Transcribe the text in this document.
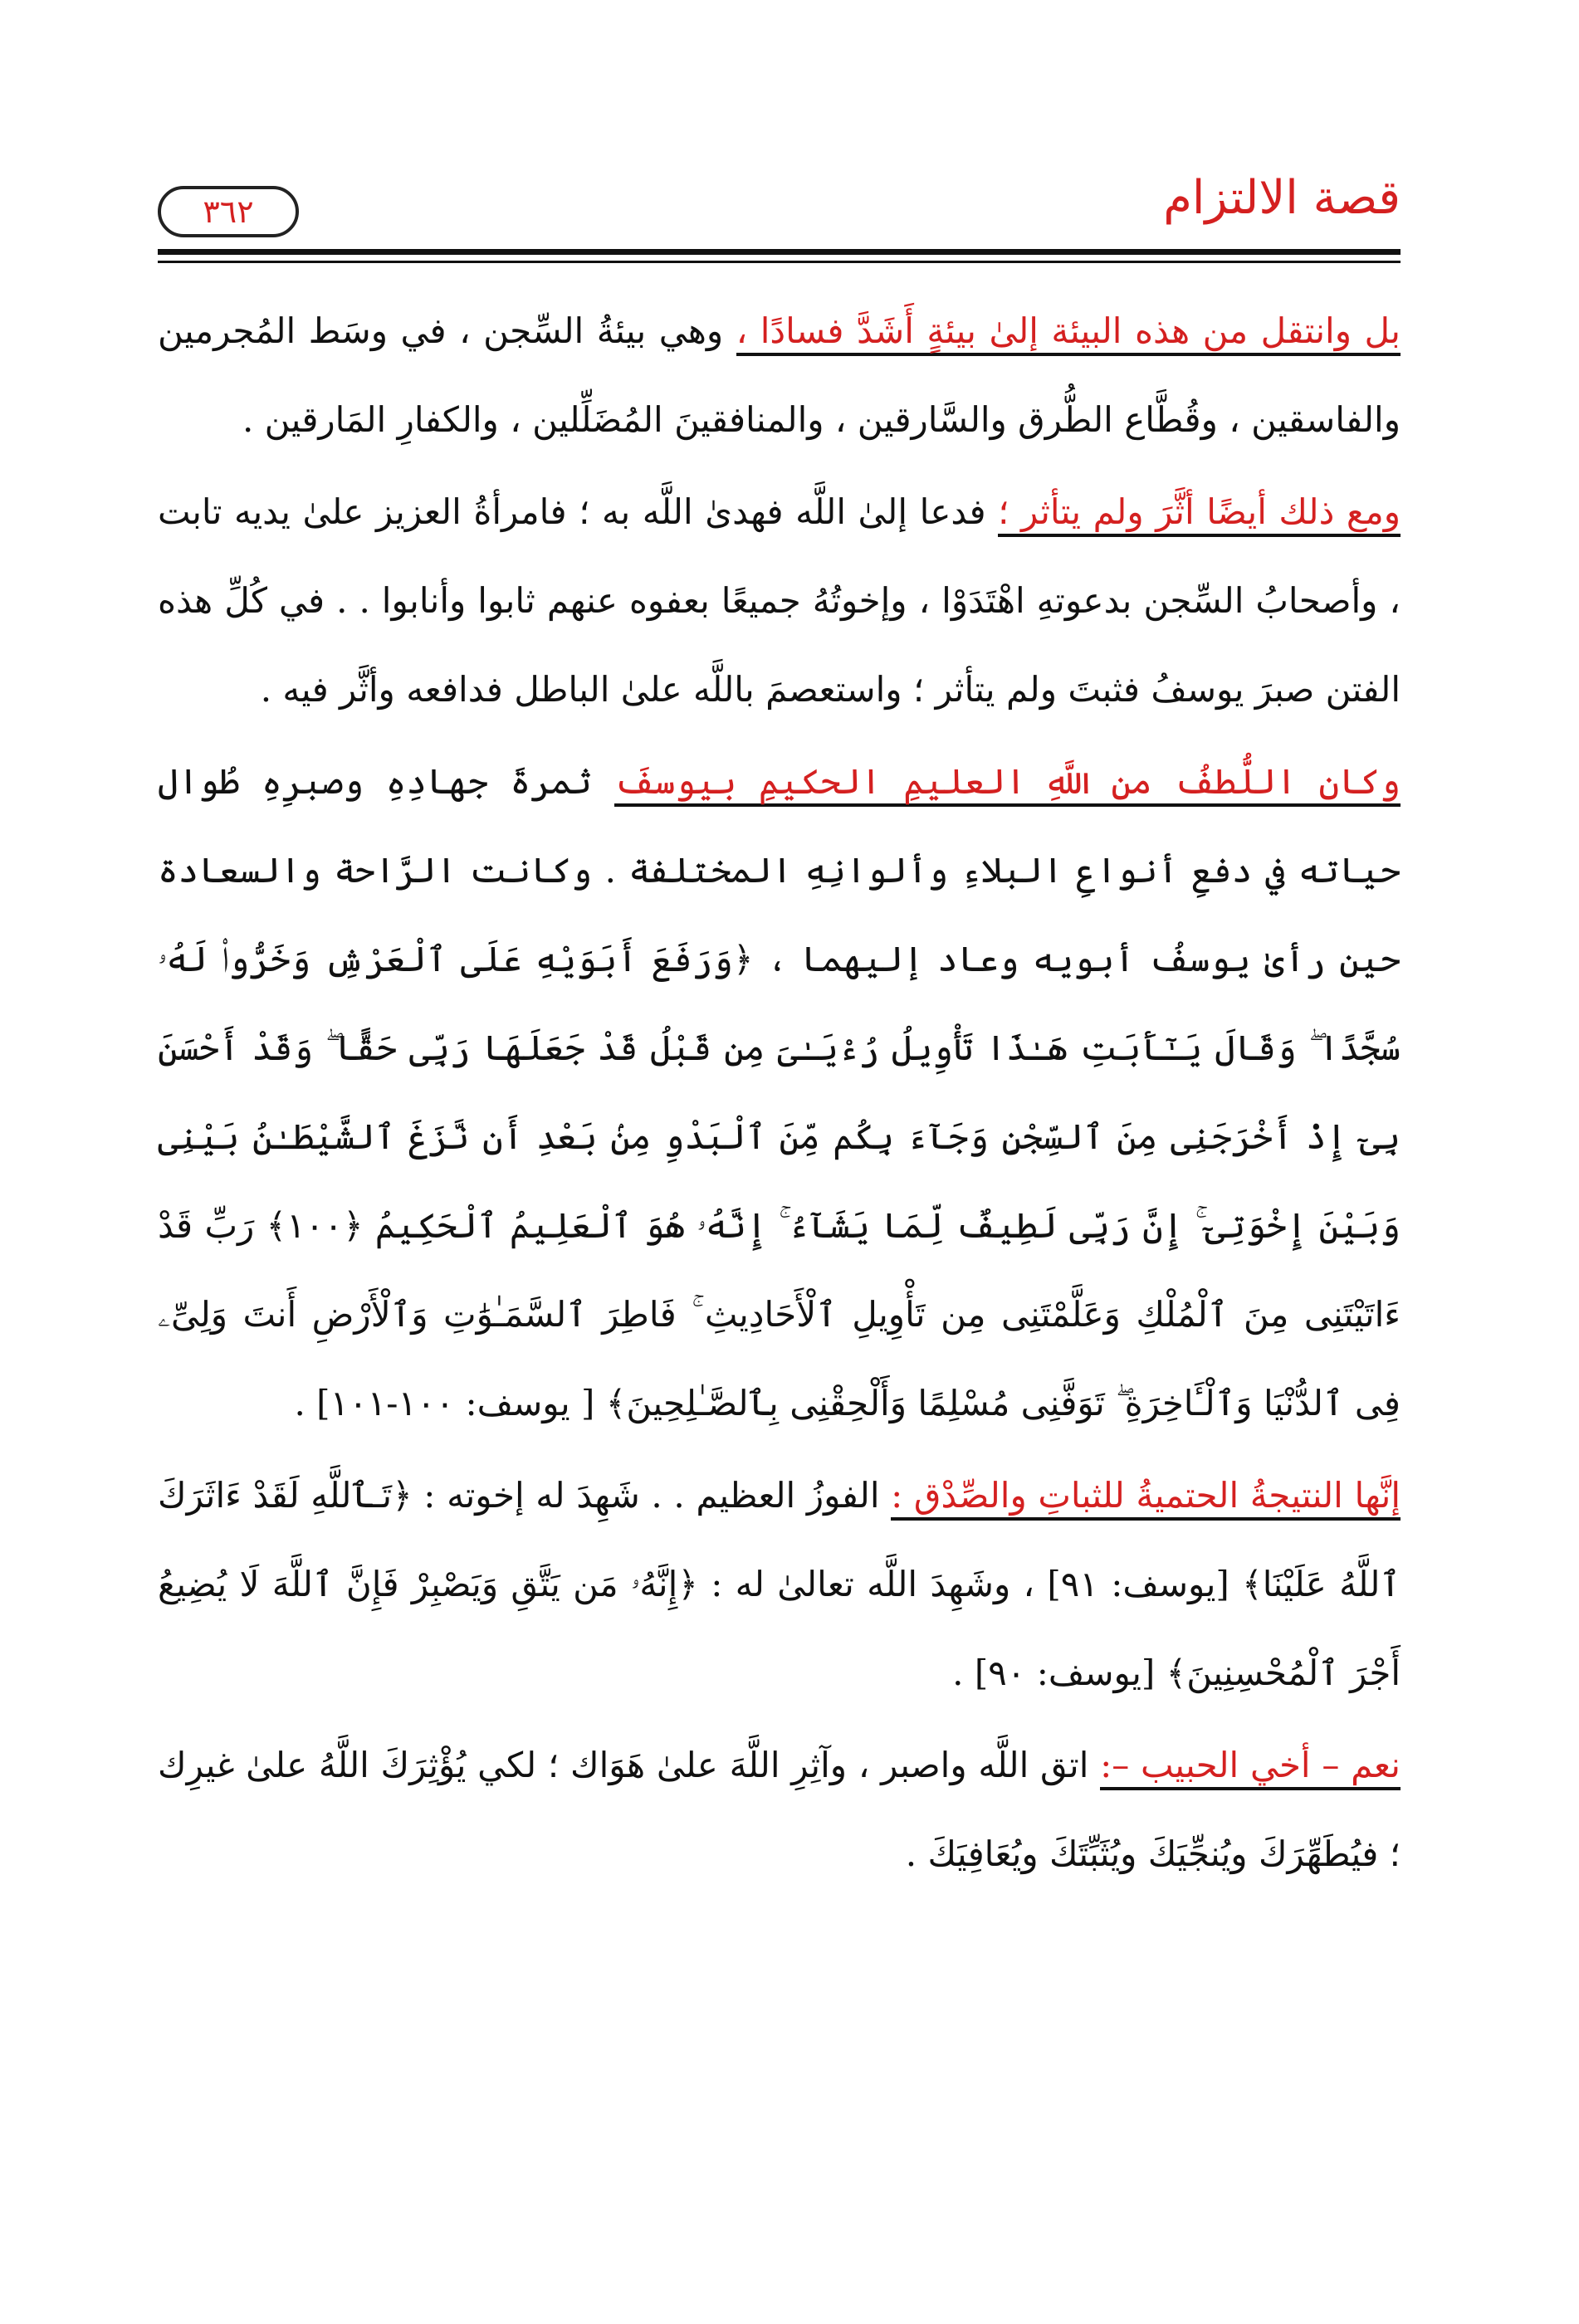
٣٦٢	قصة الالتزام

بل وانتقل من هذه البيئة إلىٰ بيئةٍ أَشَدَّ فسادًا ، وهي بيئةُ السِّجن ، في وسَط المُجرمين والفاسقين ، وقُطَّاع الطُّرق والسَّارقين ، والمنافقينَ المُضَلِّلين ، والكفارِ المَارقين .

ومع ذلك أيضًا أثَّرَ ولم يتأثر ؛ فدعا إلىٰ اللَّه فهدىٰ اللَّه به ؛ فامرأةُ العزيز علىٰ يديه تابت ، وأصحابُ السِّجن بدعوتهِ اهْتَدَوْا ، وإخوتُهُ جميعًا بعفوه عنهم ثابوا وأنابوا . . في كُلِّ هذه الفتن صبرَ يوسفُ فثبتَ ولم يتأثر ؛ واستعصمَ باللَّه علىٰ الباطل فدافعه وأثَّر فيه .

وكان اللُّطفُ من اللَّهِ العليمِ الحكيمِ بيوسفَ ثمرةَ جهادِهِ وصبرِهِ طُوال حياته في دفعِ أنواعِ البلاءِ وألوانِهِ المختلفة . وكانت الرَّاحة والسعادة حين رأىٰ يوسفُ أبويه وعاد إليهما ، ﴿وَرَفَعَ أَبَوَيْهِ عَلَى ٱلْعَرْشِ وَخَرُّوا۟ لَهُۥ سُجَّدًا ۖ وَقَالَ يَـٰٓأَبَتِ هَـٰذَا تَأْوِيلُ رُءْيَـٰىَ مِن قَبْلُ قَدْ جَعَلَهَا رَبِّى حَقًّا ۖ وَقَدْ أَحْسَنَ بِىٓ إِذْ أَخْرَجَنِى مِنَ ٱلسِّجْنِ وَجَآءَ بِكُم مِّنَ ٱلْبَدْوِ مِنۢ بَعْدِ أَن نَّزَغَ ٱلشَّيْطَـٰنُ بَيْنِى وَبَيْنَ إِخْوَتِىٓ ۚ إِنَّ رَبِّى لَطِيفٌ لِّمَا يَشَآءُ ۚ إِنَّهُۥ هُوَ ٱلْعَلِيمُ ٱلْحَكِيمُ ﴿١٠٠﴾ رَبِّ قَدْ ءَاتَيْتَنِى مِنَ ٱلْمُلْكِ وَعَلَّمْتَنِى مِن تَأْوِيلِ ٱلْأَحَادِيثِ ۚ فَاطِرَ ٱلسَّمَـٰوَٰتِ وَٱلْأَرْضِ أَنتَ وَلِىِّۦ فِى ٱلدُّنْيَا وَٱلْـَٔاخِرَةِ ۖ تَوَفَّنِى مُسْلِمًا وَأَلْحِقْنِى بِٱلصَّـٰلِحِينَ﴾ [ يوسف: ١٠٠-١٠١] .

إنَّها النتيجةُ الحتميةُ للثباتِ والصِّدْق : الفوزُ العظيم . . شَهِدَ له إخوته : ﴿تَـٱللَّهِ لَقَدْ ءَاثَرَكَ ٱللَّهُ عَلَيْنَا﴾ [يوسف: ٩١] ، وشَهِدَ اللَّه تعالىٰ له : ﴿إِنَّهُۥ مَن يَتَّقِ وَيَصْبِرْ فَإِنَّ ٱللَّهَ لَا يُضِيعُ أَجْرَ ٱلْمُحْسِنِينَ﴾ [يوسف: ٩٠] .

نعم – أخي الحبيب –: اتق اللَّه واصبر ، وآثِرِ اللَّهَ علىٰ هَوَاك ؛ لكي يُؤْثِرَكَ اللَّهُ علىٰ غيرِك ؛ فيُطَهِّرَكَ ويُنجِّيَكَ ويُثَبِّتَكَ ويُعَافِيَكَ .
